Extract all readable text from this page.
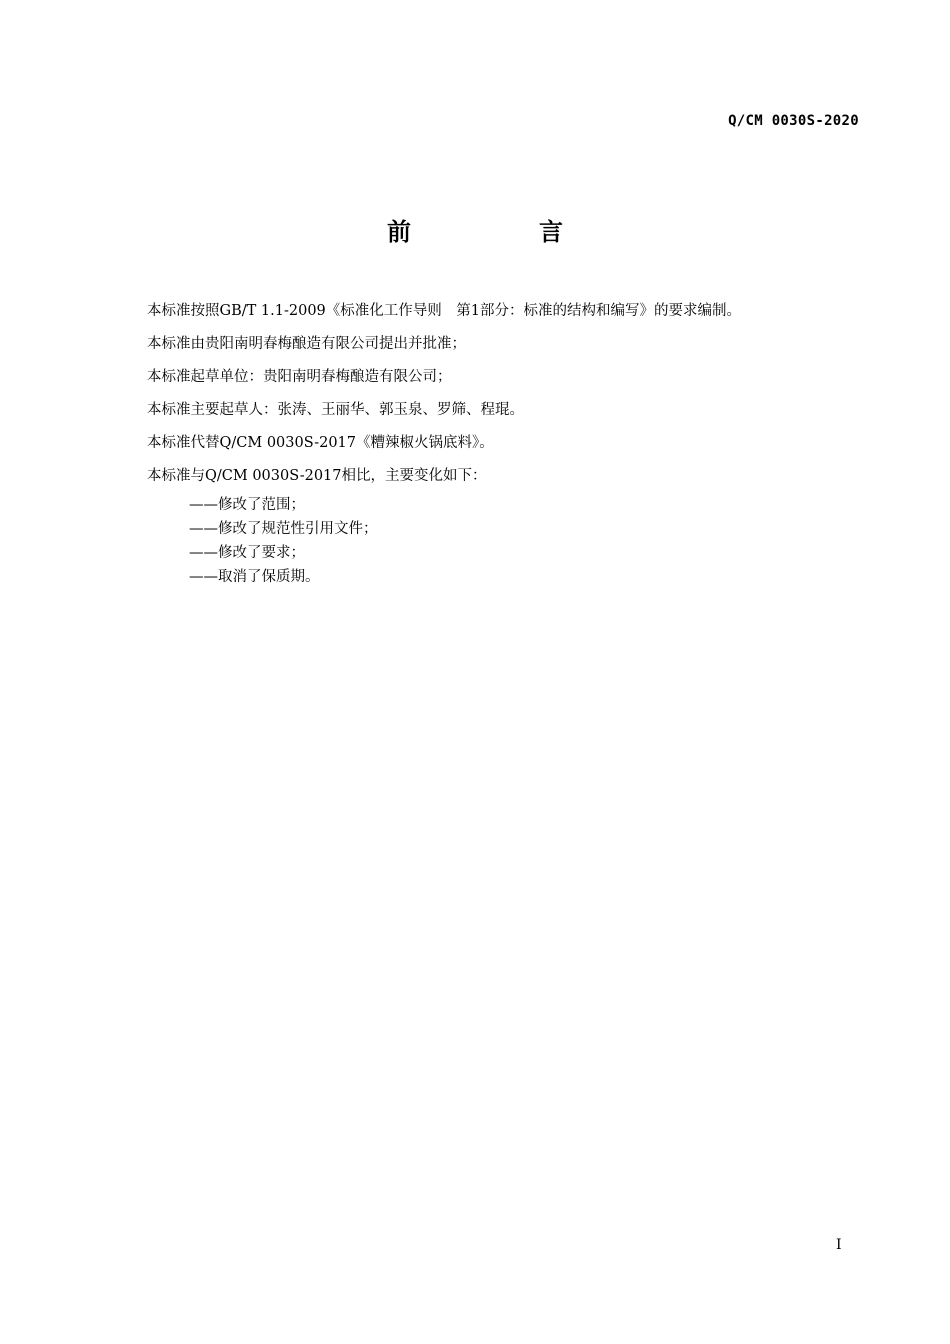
Q/CM 0030S-2020
前　言
本标准按照GB/T 1.1-2009《标准化工作导则　第1部分：标准的结构和编写》的要求编制。
本标准由贵阳南明春梅酿造有限公司提出并批准；
本标准起草单位：贵阳南明春梅酿造有限公司；
本标准主要起草人：张涛、王丽华、郭玉泉、罗筛、程琨。
本标准代替Q/CM 0030S-2017《糟辣椒火锅底料》。
本标准与Q/CM 0030S-2017相比，主要变化如下：
——修改了范围；
——修改了规范性引用文件；
——修改了要求；
——取消了保质期。
I
